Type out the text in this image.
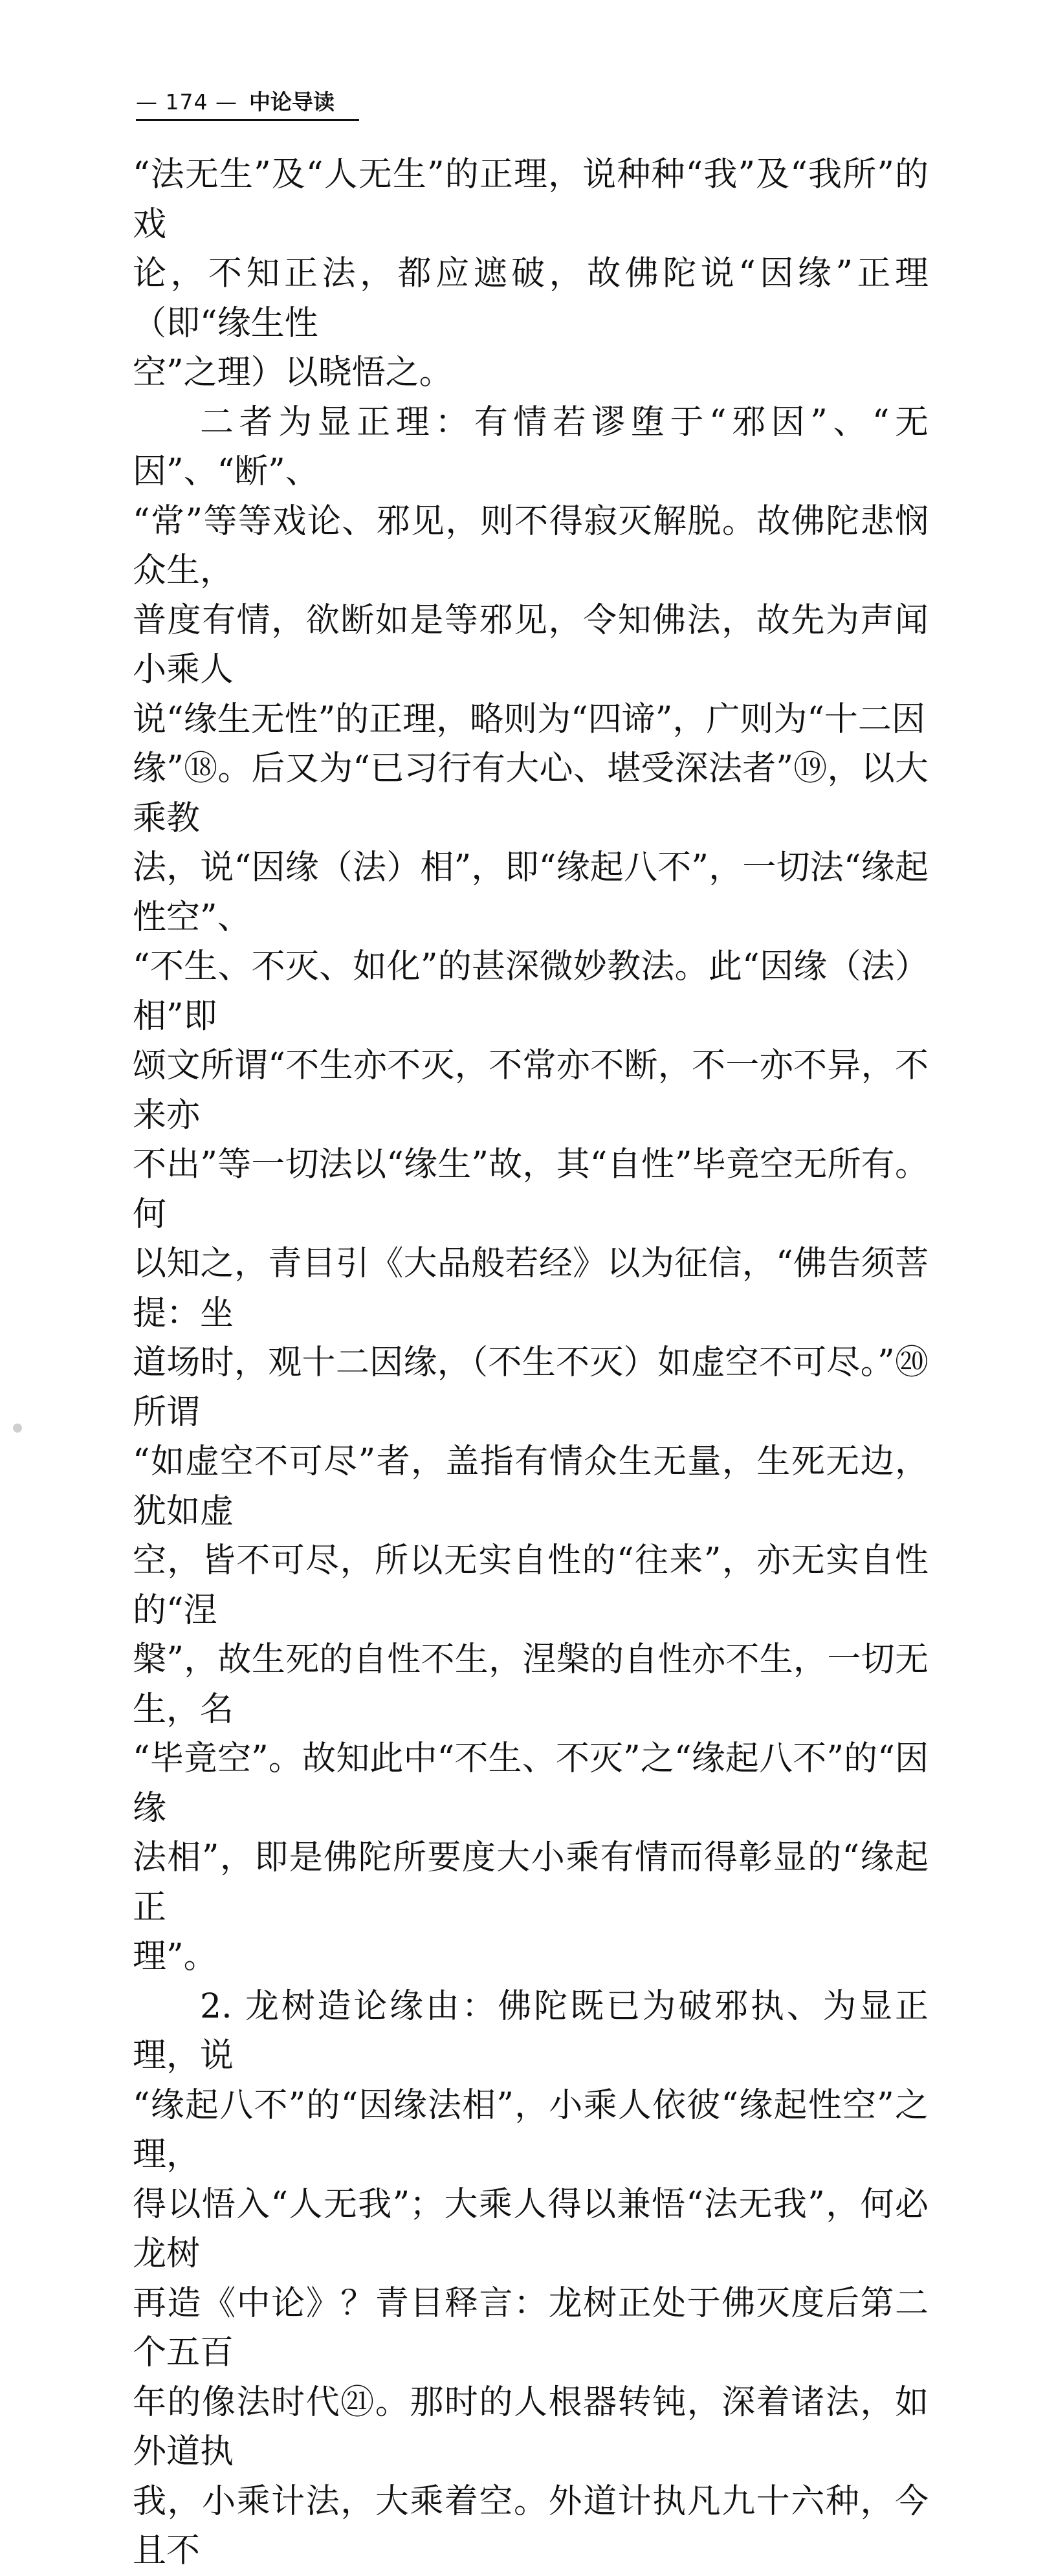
— 174 — 中论导读

“法无生”及“人无生”的正理，说种种“我”及“我所”的戏
论，不知正法，都应遮破，故佛陀说“因缘”正理（即“缘生性
空”之理）以晓悟之。

二者为显正理：有情若谬堕于“邪因”、“无因”、“断”、
“常”等等戏论、邪见，则不得寂灭解脱。故佛陀悲悯众生，
普度有情，欲断如是等邪见，令知佛法，故先为声闻小乘人
说“缘生无性”的正理，略则为“四谛”，广则为“十二因
缘”⑱。后又为“已习行有大心、堪受深法者”⑲，以大乘教
法，说“因缘（法）相”，即“缘起八不”，一切法“缘起性空”、
“不生、不灭、如化”的甚深微妙教法。此“因缘（法）相”即
颂文所谓“不生亦不灭，不常亦不断，不一亦不异，不来亦
不出”等一切法以“缘生”故，其“自性”毕竟空无所有。何
以知之，青目引《大品般若经》以为征信，“佛告须菩提：坐
道场时，观十二因缘，（不生不灭）如虚空不可尽。”⑳所谓
“如虚空不可尽”者，盖指有情众生无量，生死无边，犹如虚
空，皆不可尽，所以无实自性的“往来”，亦无实自性的“涅
槃”，故生死的自性不生，涅槃的自性亦不生，一切无生，名
“毕竟空”。故知此中“不生、不灭”之“缘起八不”的“因缘
法相”，即是佛陀所要度大小乘有情而得彰显的“缘起正
理”。

2. 龙树造论缘由：佛陀既已为破邪执、为显正理，说
“缘起八不”的“因缘法相”，小乘人依彼“缘起性空”之理，
得以悟入“人无我”；大乘人得以兼悟“法无我”，何必龙树
再造《中论》？青目释言：龙树正处于佛灭度后第二个五百
年的像法时代㉑。那时的人根器转钝，深着诸法，如外道执
我，小乘计法，大乘着空。外道计执凡九十六种，今且不
